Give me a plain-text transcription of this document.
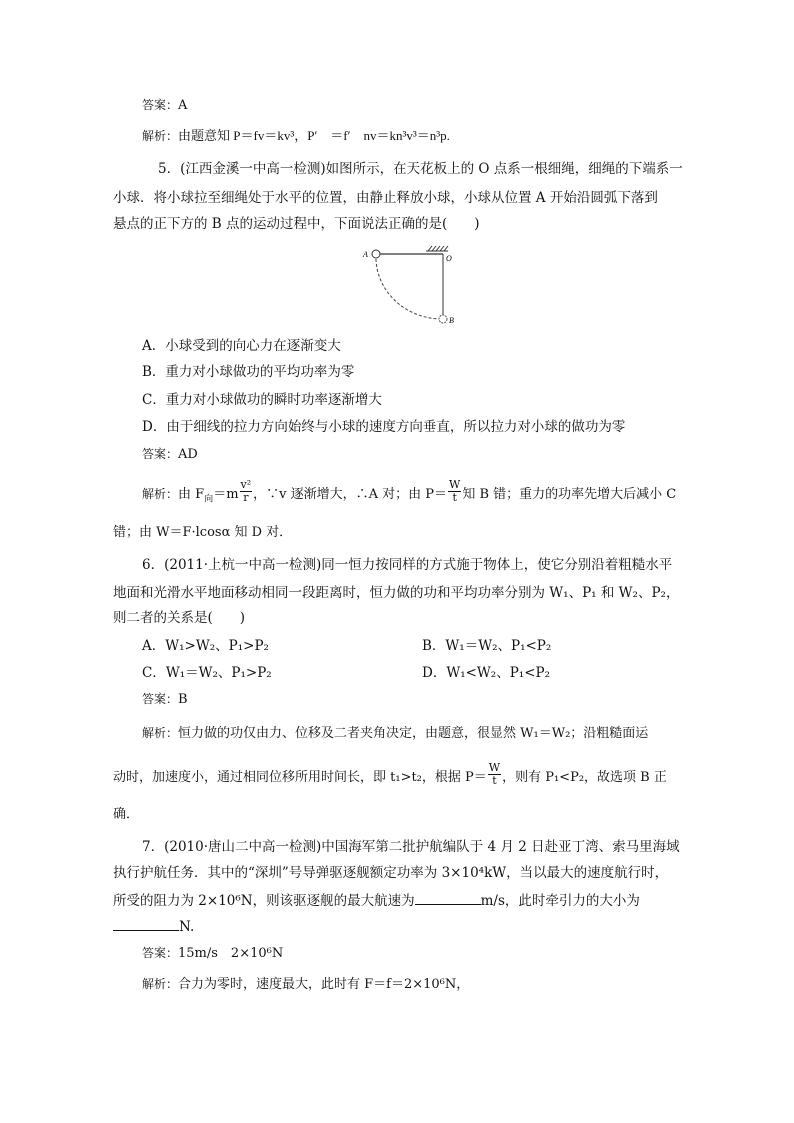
答案：A
解析：由题意知 P＝fv＝kv³，P′　＝f′　nv＝kn³v³＝n³p.
5．(江西金溪一中高一检测)如图所示，在天花板上的 O 点系一根细绳，细绳的下端系一
小球．将小球拉至细绳处于水平的位置，由静止释放小球，小球从位置 A 开始沿圆弧下落到
悬点的正下方的 B 点的运动过程中，下面说法正确的是(　　)
A	O
B
A．小球受到的向心力在逐渐变大
B．重力对小球做功的平均功率为零
C．重力对小球做功的瞬时功率逐渐增大
D．由于细线的拉力方向始终与小球的速度方向垂直，所以拉力对小球的做功为零
答案：AD
解析：由 $F_向=m \frac{\text{v²}}{r}$ ，∵v 逐渐增大，∴A 对；由 $P= \frac{W}{t}$ 知 B 错；重力的功率先增大后减小 C
错；由 W＝F·lcosα 知 D 对．
6．(2011·上杭一中高一检测)同一恒力按同样的方式施于物体上，使它分别沿着粗糙水平
地面和光滑水平地面移动相同一段距离时，恒力做的功和平均功率分别为 W₁、P₁ 和 W₂、P₂，
则二者的关系是(　　)
A．W₁>W₂、P₁>P₂	B．W₁＝W₂、P₁<P₂
C．W₁＝W₂、P₁>P₂	D．W₁<W₂、P₁<P₂
答案：B
解析：恒力做的功仅由力、位移及二者夹角决定，由题意，很显然 W₁＝W₂；沿粗糙面运
动时，加速度小，通过相同位移所用时间长，即 t₁>t₂，根据 $P= \frac{W}{t}$ ，则有 P₁<P₂，故选项 B 正
确．
7．(2010·唐山二中高一检测)中国海军第二批护航编队于 4 月 2 日赴亚丁湾、索马里海域
执行护航任务．其中的“深圳”号导弹驱逐舰额定功率为 3×10⁴kW，当以最大的速度航行时，
所受的阻力为 2×10⁶N，则该驱逐舰的最大航速为	m/s，此时牵引力的大小为
N.
答案：15m/s　2×10⁶N
解析：合力为零时，速度最大，此时有 F＝f＝2×10⁶N，
